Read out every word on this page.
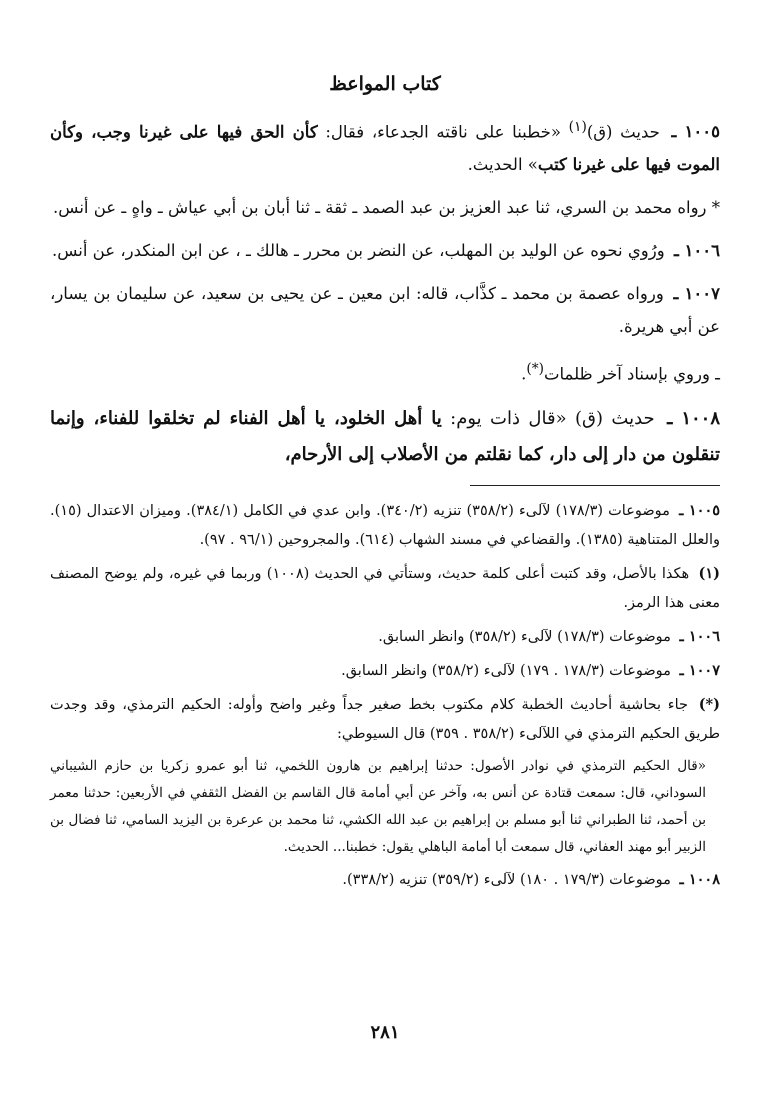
كتاب المواعظ

١٠٠٥ ـ حديث (ق)$^{(١)}$ «خطبنا على ناقته الجدعاء، فقال: كأن الحق فيها على غيرنا وجب، وكأن الموت فيها على غيرنا كتب» الحديث.

* رواه محمد بن السري، ثنا عبد العزيز بن عبد الصمد ـ ثقة ـ ثنا أبان بن أبي عياش ـ واهٍ ـ عن أنس.

١٠٠٦ ـ ورُوي نحوه عن الوليد بن المهلب، عن النضر بن محرر ـ هالك ـ ، عن ابن المنكدر، عن أنس.

١٠٠٧ ـ ورواه عصمة بن محمد ـ كذَّاب، قاله: ابن معين ـ عن يحيى بن سعيد، عن سليمان بن يسار، عن أبي هريرة.

ـ وروي بإسناد آخر ظلمات(*).

١٠٠٨ ـ حديث (ق) «قال ذات يوم: يا أهل الخلود، يا أهل الفناء لم تخلقوا للفناء، وإنما تنقلون من دار إلى دار، كما نقلتم من الأصلاب إلى الأرحام،

١٠٠٥ ـ موضوعات (١٧٨/٣) لآلىء (٣٥٨/٢) تنزيه (٣٤٠/٢). وابن عدي في الكامل (٣٨٤/١). وميزان الاعتدال (١٥). والعلل المتناهية (١٣٨٥). والقضاعي في مسند الشهاب (٦١٤). والمجروحين (٩٦/١ . ٩٧).

(١) هكذا بالأصل، وقد كتبت أعلى كلمة حديث، وستأتي في الحديث (١٠٠٨) وربما في غيره، ولم يوضح المصنف معنى هذا الرمز.

١٠٠٦ ـ موضوعات (١٧٨/٣) لآلىء (٣٥٨/٢) وانظر السابق.

١٠٠٧ ـ موضوعات (١٧٨/٣ . ١٧٩) لآلىء (٣٥٨/٢) وانظر السابق.

(*) جاء بحاشية أحاديث الخطبة كلام مكتوب بخط صغير جداً وغير واضح وأوله: الحكيم الترمذي، وقد وجدت طريق الحكيم الترمذي في اللآلىء (٣٥٨/٢ . ٣٥٩) قال السيوطي:

«قال الحكيم الترمذي في نوادر الأصول: حدثنا إبراهيم بن هارون اللخمي، ثنا أبو عمرو زكريا بن حازم الشيباني السوداني، قال: سمعت قتادة عن أنس به، وآخر عن أبي أمامة قال القاسم بن الفضل الثقفي في الأربعين: حدثنا معمر بن أحمد، ثنا الطبراني ثنا أبو مسلم بن إبراهيم بن عبد الله الكشي، ثنا محمد بن عرعرة بن اليزيد السامي، ثنا فضال بن الزبير أبو مهند العفاني، قال سمعت أبا أمامة الباهلي يقول: خطبنا... الحديث.

١٠٠٨ ـ موضوعات (١٧٩/٣ . ١٨٠) لآلىء (٣٥٩/٢) تنزيه (٣٣٨/٢).

٢٨١
